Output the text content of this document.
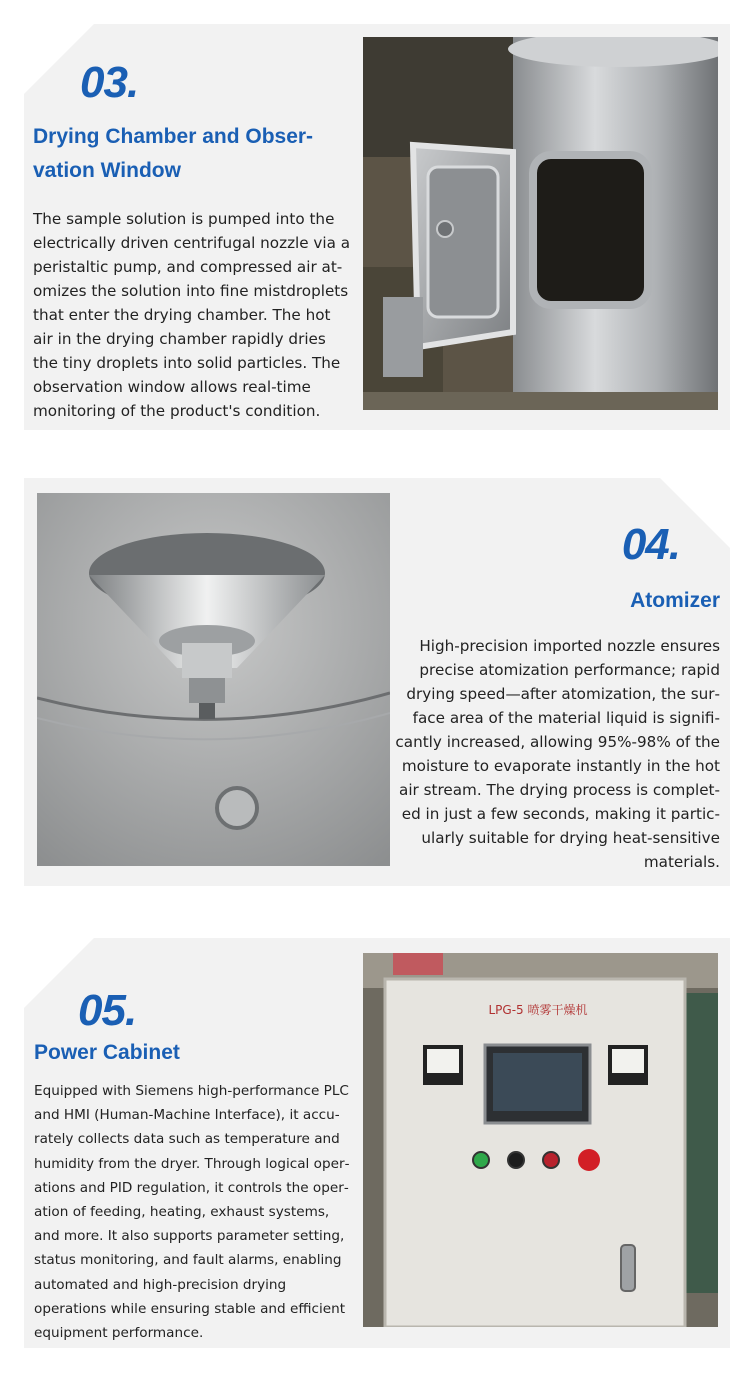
03.
Drying Chamber and Obser-
vation Window
The sample solution is pumped into the electrically driven centrifugal nozzle via a peristaltic pump, and compressed air atomizes the solution into fine mistdroplets that enter the drying chamber. The hot air in the drying chamber rapidly dries the tiny droplets into solid particles. The observation window allows real-time monitoring of the product's condition.
04.
Atomizer
High-precision imported nozzle ensures precise atomization performance; rapid drying speed—after atomization, the surface area of the material liquid is significantly increased, allowing 95%-98% of the moisture to evaporate instantly in the hot air stream. The drying process is completed in just a few seconds, making it particularly suitable for drying heat-sensitive materials.
05.
Power Cabinet
Equipped with Siemens high-performance PLC and HMI (Human-Machine Interface), it accurately collects data such as temperature and humidity from the dryer. Through logical operations and PID regulation, it controls the operation of feeding, heating, exhaust systems, and more. It also supports parameter setting, status monitoring, and fault alarms, enabling automated and high-precision drying operations while ensuring stable and efficient equipment performance.
LPG-5 喷雾干燥机
